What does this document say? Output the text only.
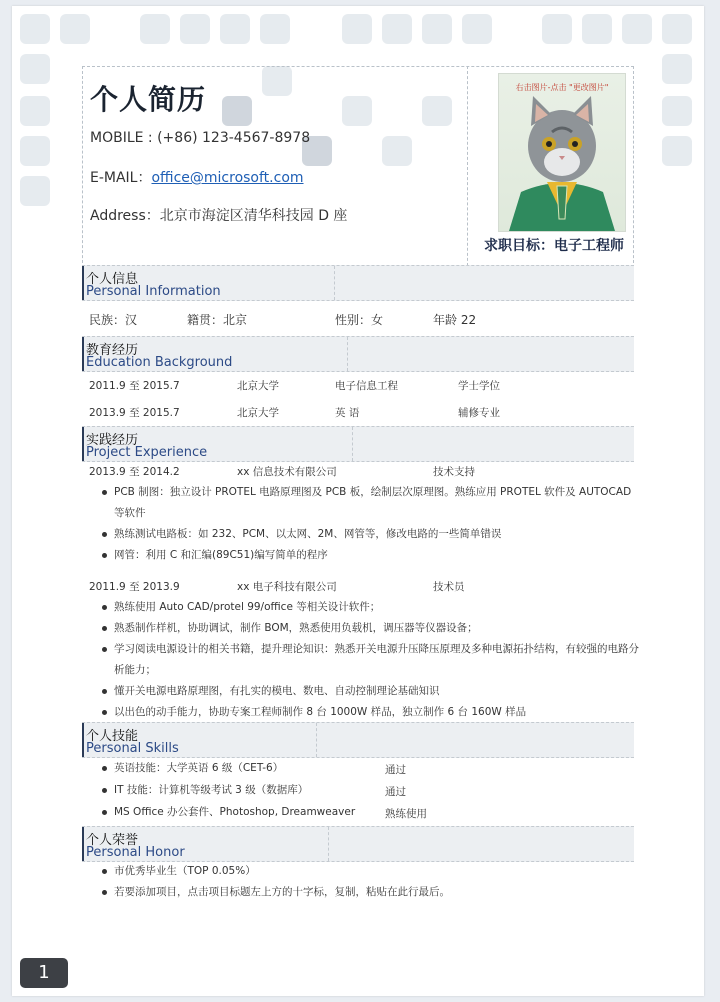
个人简历
MOBILE : (+86) 123-4567-8978
E-MAIL：office@microsoft.com
Address：北京市海淀区清华科技园 D 座
右击图片-点击 "更改图片"
求职目标：电子工程师
个人信息
Personal Information
民族：汉	籍贯：北京	性别：女	年龄 22
教育经历
Education Background
2011.9 至 2015.7	北京大学	电子信息工程	学士学位
2013.9 至 2015.7	北京大学	英 语	辅修专业
实践经历
Project Experience
2013.9 至 2014.2	xx 信息技术有限公司	技术支持
PCB 制图：独立设计 PROTEL 电路原理图及 PCB 板，绘制层次原理图。熟练应用 PROTEL 软件及 AUTOCAD 等软件
熟练测试电路板：如 232、PCM、以太网、2M、网管等，修改电路的一些简单错误
网管：利用 C 和汇编(89C51)编写简单的程序
2011.9 至 2013.9	xx 电子科技有限公司	技术员
熟练使用 Auto CAD/protel 99/office 等相关设计软件；
熟悉制作样机，协助调试，制作 BOM，熟悉使用负载机，调压器等仪器设备；
学习阅读电源设计的相关书籍，提升理论知识：熟悉开关电源升压降压原理及多种电源拓扑结构，有较强的电路分析能力；
懂开关电源电路原理图，有扎实的模电、数电、自动控制理论基础知识
以出色的动手能力，协助专案工程师制作 8 台 1000W 样品，独立制作 6 台 160W 样品
个人技能
Personal Skills
英语技能：大学英语 6 级（CET-6）	通过
IT 技能：计算机等级考试 3 级（数据库）	通过
MS Office 办公套件、Photoshop, Dreamweaver	熟练使用
个人荣誉
Personal Honor
市优秀毕业生（TOP 0.05%）
若要添加项目，点击项目标题左上方的十字标，复制，粘贴在此行最后。
1
